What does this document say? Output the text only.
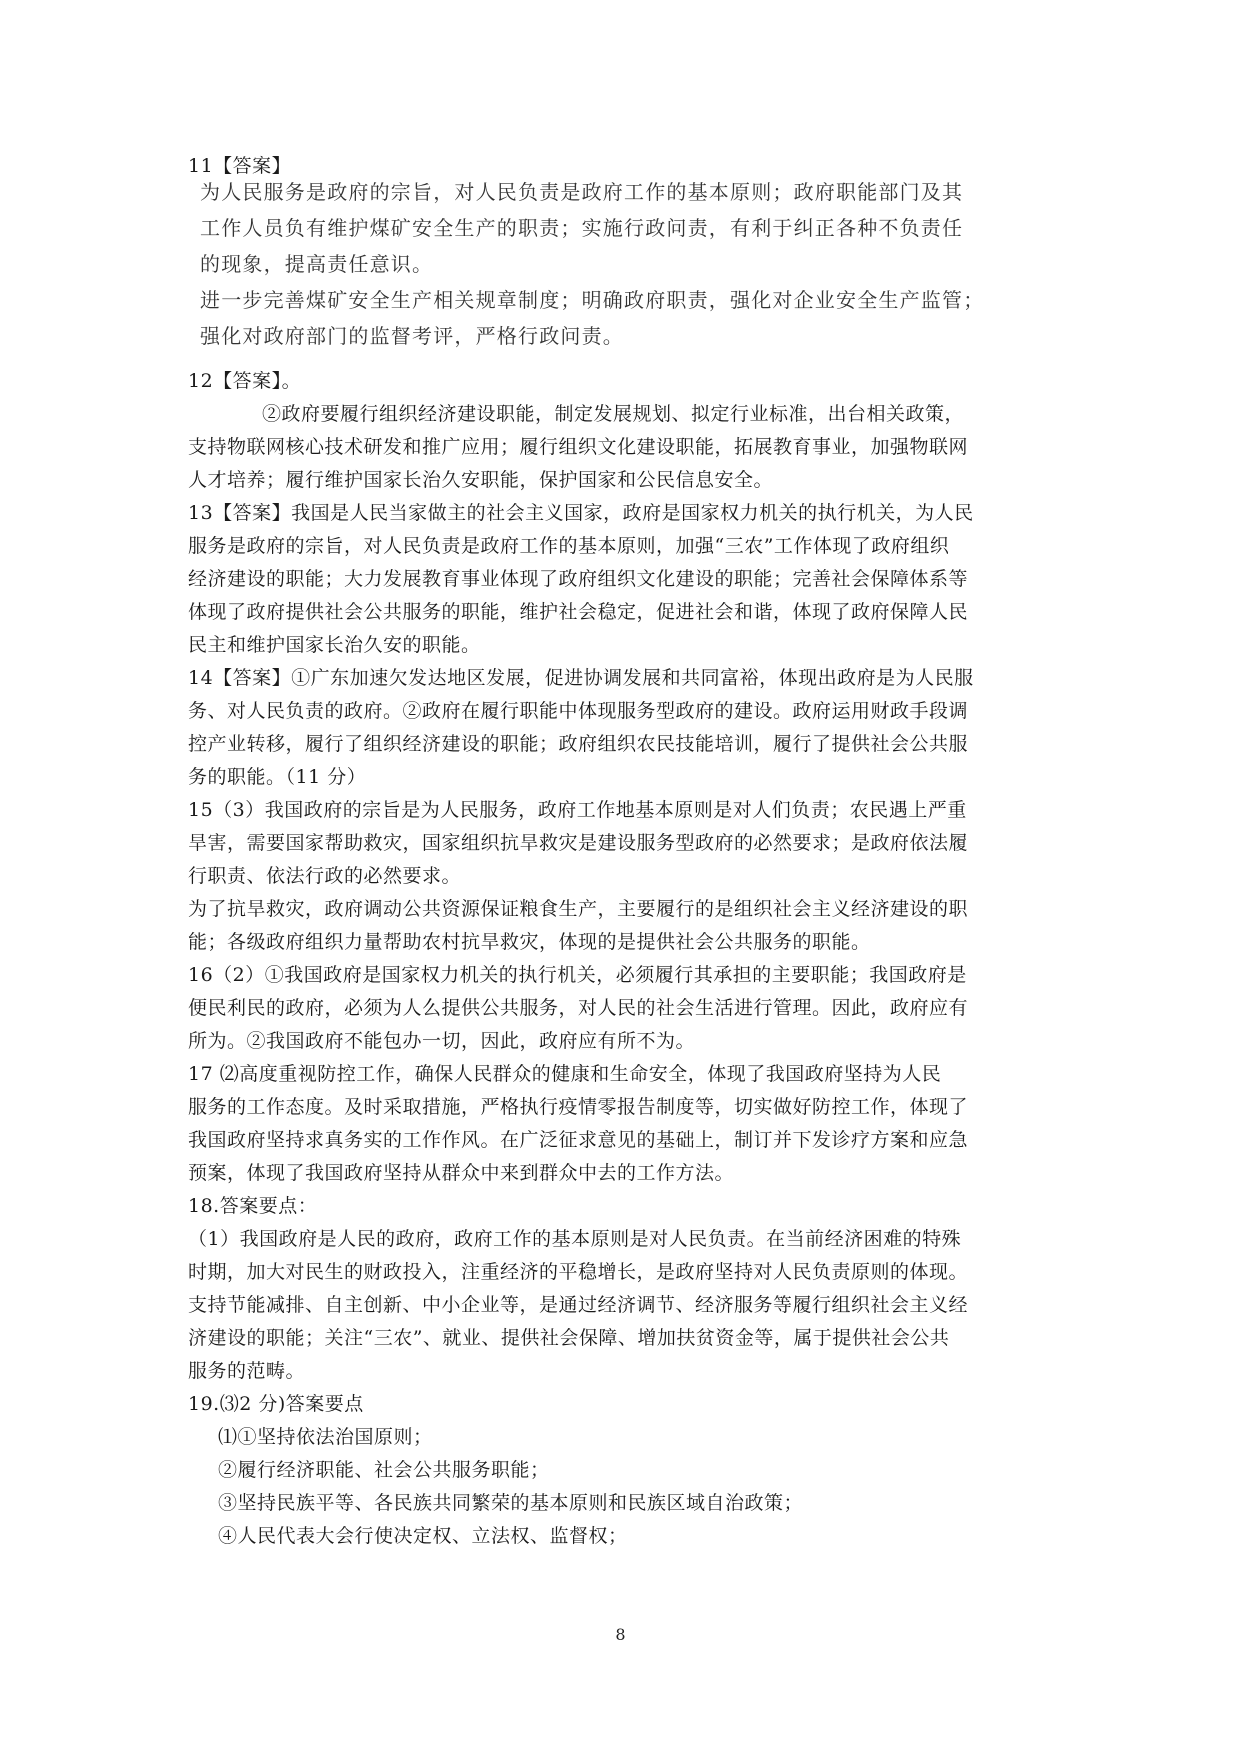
11【答案】
为人民服务是政府的宗旨，对人民负责是政府工作的基本原则；政府职能部门及其
工作人员负有维护煤矿安全生产的职责；实施行政问责，有利于纠正各种不负责任
的现象，提高责任意识。
进一步完善煤矿安全生产相关规章制度；明确政府职责，强化对企业安全生产监管；
强化对政府部门的监督考评，严格行政问责。
12【答案】。
②政府要履行组织经济建设职能，制定发展规划、拟定行业标准，出台相关政策，
支持物联网核心技术研发和推广应用；履行组织文化建设职能，拓展教育事业，加强物联网
人才培养；履行维护国家长治久安职能，保护国家和公民信息安全。
13【答案】我国是人民当家做主的社会主义国家，政府是国家权力机关的执行机关，为人民
服务是政府的宗旨，对人民负责是政府工作的基本原则，加强“三农”工作体现了政府组织
经济建设的职能；大力发展教育事业体现了政府组织文化建设的职能；完善社会保障体系等
体现了政府提供社会公共服务的职能，维护社会稳定，促进社会和谐，体现了政府保障人民
民主和维护国家长治久安的职能。
14【答案】①广东加速欠发达地区发展，促进协调发展和共同富裕，体现出政府是为人民服
务、对人民负责的政府。②政府在履行职能中体现服务型政府的建设。政府运用财政手段调
控产业转移，履行了组织经济建设的职能；政府组织农民技能培训，履行了提供社会公共服
务的职能。（11 分）
15（3）我国政府的宗旨是为人民服务，政府工作地基本原则是对人们负责；农民遇上严重
旱害，需要国家帮助救灾，国家组织抗旱救灾是建设服务型政府的必然要求；是政府依法履
行职责、依法行政的必然要求。
为了抗旱救灾，政府调动公共资源保证粮食生产，主要履行的是组织社会主义经济建设的职
能；各级政府组织力量帮助农村抗旱救灾，体现的是提供社会公共服务的职能。
16（2）①我国政府是国家权力机关的执行机关，必须履行其承担的主要职能；我国政府是
便民利民的政府，必须为人么提供公共服务，对人民的社会生活进行管理。因此，政府应有
所为。②我国政府不能包办一切，因此，政府应有所不为。
17 ⑵高度重视防控工作，确保人民群众的健康和生命安全，体现了我国政府坚持为人民
服务的工作态度。及时采取措施，严格执行疫情零报告制度等，切实做好防控工作，体现了
我国政府坚持求真务实的工作作风。在广泛征求意见的基础上，制订并下发诊疗方案和应急
预案，体现了我国政府坚持从群众中来到群众中去的工作方法。
18.答案要点：
（1）我国政府是人民的政府，政府工作的基本原则是对人民负责。在当前经济困难的特殊
时期，加大对民生的财政投入，注重经济的平稳增长，是政府坚持对人民负责原则的体现。
支持节能减排、自主创新、中小企业等，是通过经济调节、经济服务等履行组织社会主义经
济建设的职能；关注“三农”、就业、提供社会保障、增加扶贫资金等，属于提供社会公共
服务的范畴。
19.⑶2 分)答案要点
⑴①坚持依法治国原则；
②履行经济职能、社会公共服务职能；
③坚持民族平等、各民族共同繁荣的基本原则和民族区域自治政策；
④人民代表大会行使决定权、立法权、监督权；
8
